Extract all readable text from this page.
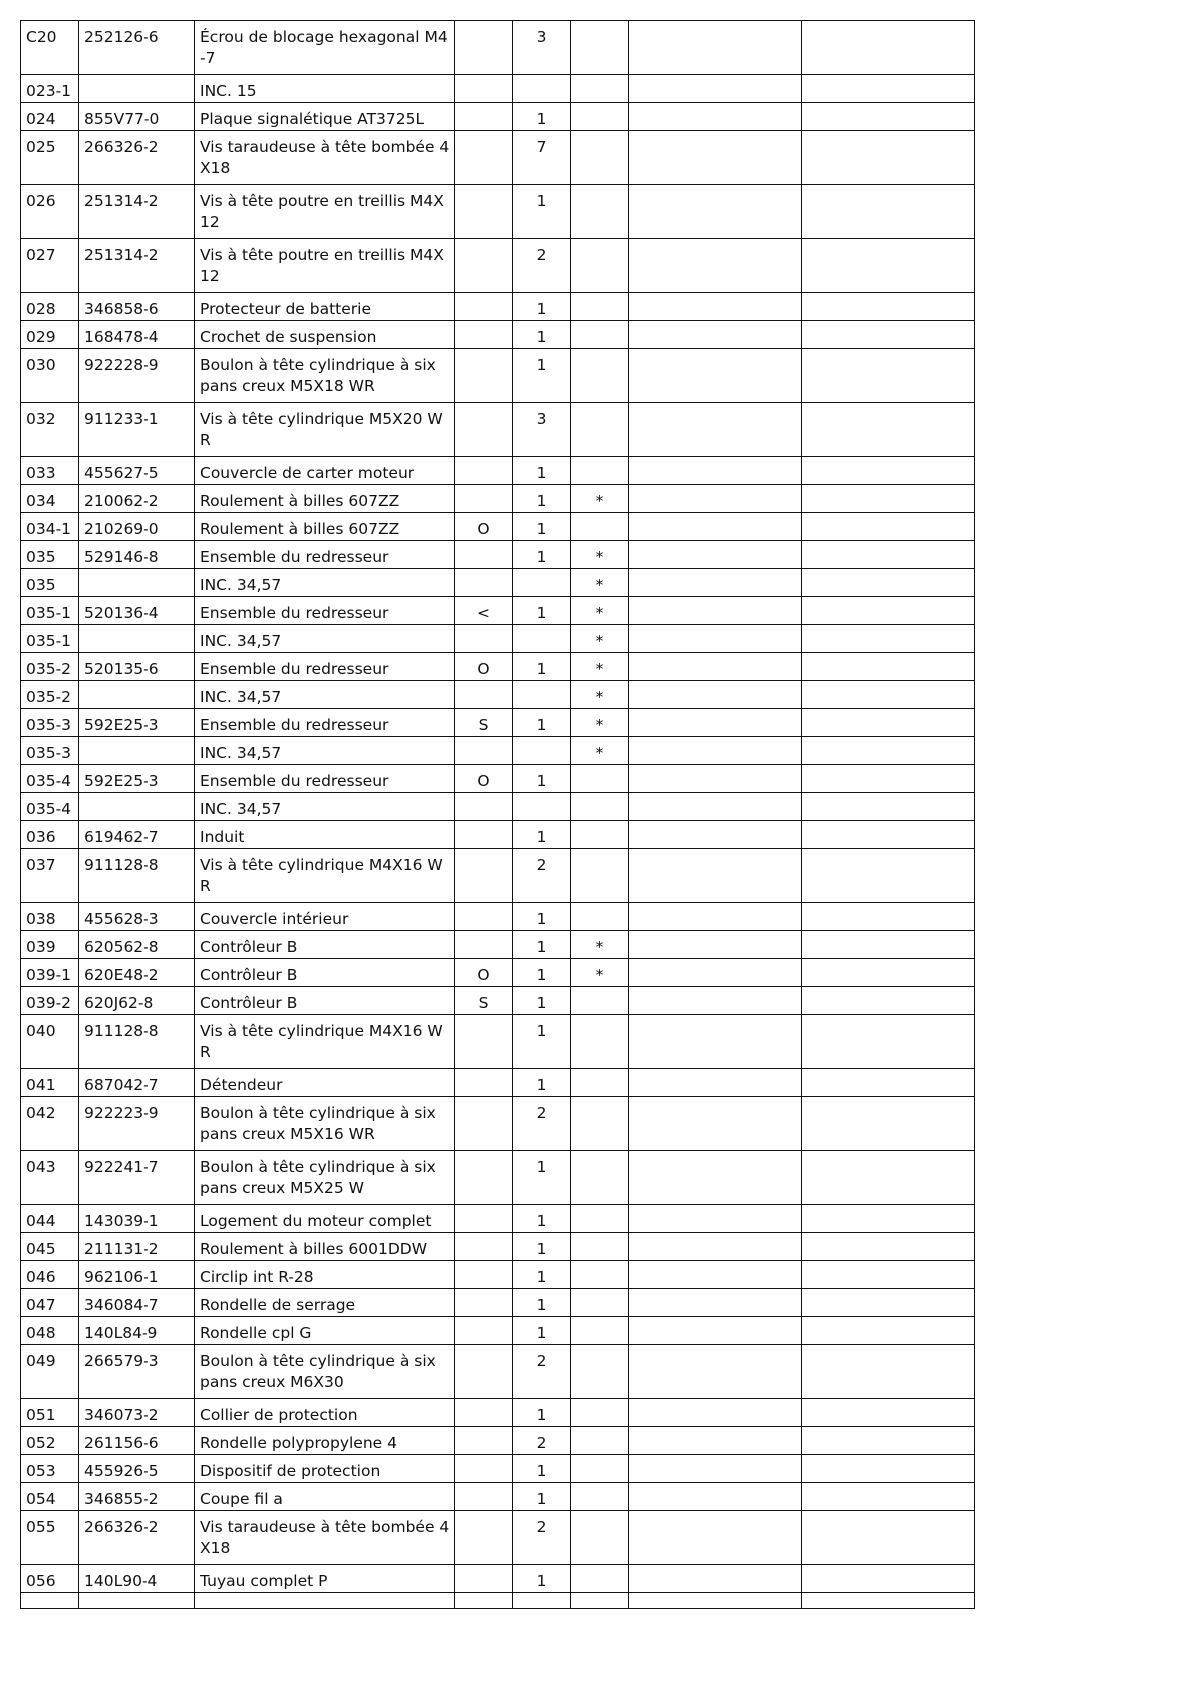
C20	252126-6	Écrou de blocage hexagonal M4-7		3			
023-1		INC. 15					
024	855V77-0	Plaque signalétique AT3725L		1			
025	266326-2	Vis taraudeuse à tête bombée 4X18		7			
026	251314-2	Vis à tête poutre en treillis M4X12		1			
027	251314-2	Vis à tête poutre en treillis M4X12		2			
028	346858-6	Protecteur de batterie		1			
029	168478-4	Crochet de suspension		1			
030	922228-9	Boulon à tête cylindrique à six pans creux M5X18 WR		1			
032	911233-1	Vis à tête cylindrique M5X20 WR		3			
033	455627-5	Couvercle de carter moteur		1			
034	210062-2	Roulement à billes 607ZZ		1	*		
034-1	210269-0	Roulement à billes 607ZZ	O	1			
035	529146-8	Ensemble du redresseur		1	*		
035		INC. 34,57			*		
035-1	520136-4	Ensemble du redresseur	<	1	*		
035-1		INC. 34,57			*		
035-2	520135-6	Ensemble du redresseur	O	1	*		
035-2		INC. 34,57			*		
035-3	592E25-3	Ensemble du redresseur	S	1	*		
035-3		INC. 34,57			*		
035-4	592E25-3	Ensemble du redresseur	O	1			
035-4		INC. 34,57					
036	619462-7	Induit		1			
037	911128-8	Vis à tête cylindrique M4X16 WR		2			
038	455628-3	Couvercle intérieur		1			
039	620562-8	Contrôleur B		1	*		
039-1	620E48-2	Contrôleur B	O	1	*		
039-2	620J62-8	Contrôleur B	S	1			
040	911128-8	Vis à tête cylindrique M4X16 WR		1			
041	687042-7	Détendeur		1			
042	922223-9	Boulon à tête cylindrique à six pans creux M5X16 WR		2			
043	922241-7	Boulon à tête cylindrique à six pans creux M5X25 W		1			
044	143039-1	Logement du moteur complet		1			
045	211131-2	Roulement à billes 6001DDW		1			
046	962106-1	Circlip int R-28		1			
047	346084-7	Rondelle de serrage		1			
048	140L84-9	Rondelle cpl G		1			
049	266579-3	Boulon à tête cylindrique à six pans creux M6X30		2			
051	346073-2	Collier de protection		1			
052	261156-6	Rondelle polypropylene 4		2			
053	455926-5	Dispositif de protection		1			
054	346855-2	Coupe fil a		1			
055	266326-2	Vis taraudeuse à tête bombée 4X18		2			
056	140L90-4	Tuyau complet P		1			
